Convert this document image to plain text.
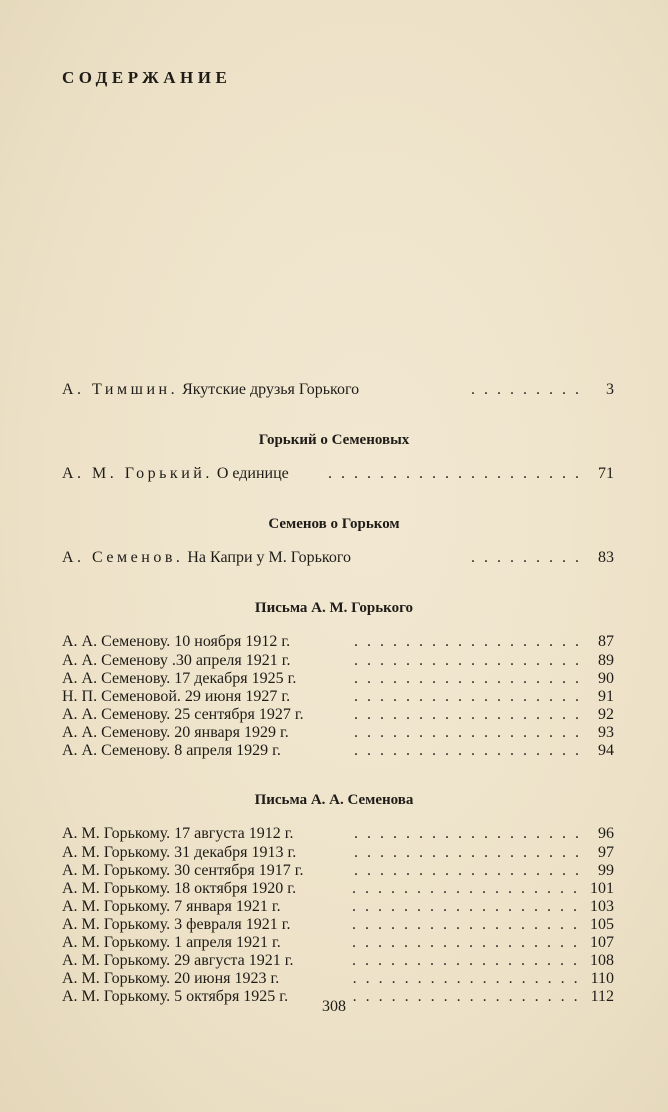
СОДЕРЖАНИЕ
А. Тимшин. Якутские друзья Горького	.........	3
Горький о Семеновых
А. М. Горький. О единице	.................... 71
Семенов о Горьком
А. Семенов. На Капри у М. Горького	......... 83
Письма А. М. Горького
А. А. Семенову. 10 ноября 1912 г.	.................. 87
А. А. Семенову .30 апреля 1921 г.	.................. 89
А. А. Семенову. 17 декабря 1925 г.	.................. 90
Н. П. Семеновой. 29 июня 1927 г.	.................. 91
А. А. Семенову. 25 сентября 1927 г.	.................. 92
А. А. Семенову. 20 января 1929 г.	.................. 93
А. А. Семенову. 8 апреля 1929 г.	.................. 94
Письма А. А. Семенова
А. М. Горькому. 17 августа 1912 г.	.................. 96
А. М. Горькому. 31 декабря 1913 г.	.................. 97
А. М. Горькому. 30 сентября 1917 г.	.................. 99
А. М. Горькому. 18 октября 1920 г.	.................. 101
А. М. Горькому. 7 января 1921 г.	.................. 103
А. М. Горькому. 3 февраля 1921 г.	.................. 105
А. М. Горькому. 1 апреля 1921 г.	.................. 107
А. М. Горькому. 29 августа 1921 г.	.................. 108
А. М. Горькому. 20 июня 1923 г.	.................. 110
А. М. Горькому. 5 октября 1925 г.	.................. 112
308
